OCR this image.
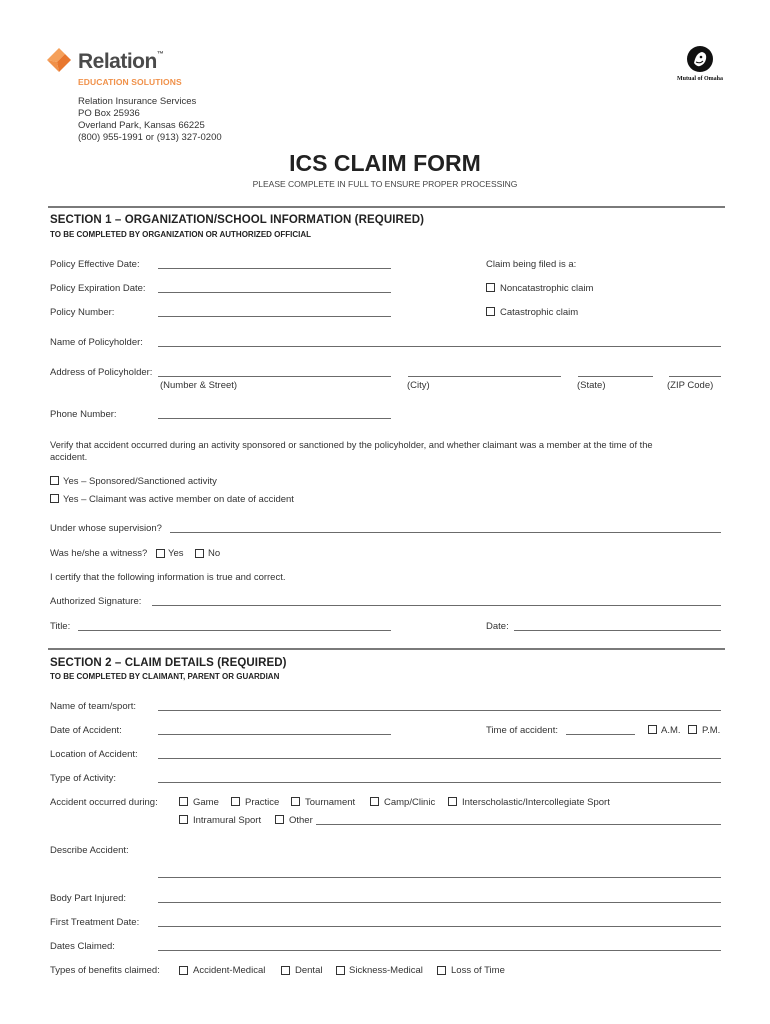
Relation™
EDUCATION SOLUTIONS	Mutual of Omaha
Relation Insurance Services
PO Box 25936
Overland Park, Kansas 66225
(800) 955-1991 or (913) 327-0200
ICS CLAIM FORM
PLEASE COMPLETE IN FULL TO ENSURE PROPER PROCESSING
SECTION 1 – ORGANIZATION/SCHOOL INFORMATION (REQUIRED)
TO BE COMPLETED BY ORGANIZATION OR AUTHORIZED OFFICIAL
Policy Effective Date:	Claim being filed is a:
Policy Expiration Date:	Noncatastrophic claim
Policy Number:	Catastrophic claim
Name of Policyholder:
Address of Policyholder:
(Number & Street)	(City)	(State)	(ZIP Code)
Phone Number:
Verify that accident occurred during an activity sponsored or sanctioned by the policyholder, and whether claimant was a member at the time of the
accident.
Yes – Sponsored/Sanctioned activity
Yes – Claimant was active member on date of accident
Under whose supervision?
Was he/she a witness? Yes	No
I certify that the following information is true and correct.
Authorized Signature:
Title:	Date:
SECTION 2 – CLAIM DETAILS (REQUIRED)
TO BE COMPLETED BY CLAIMANT, PARENT OR GUARDIAN
Name of team/sport:
Date of Accident:	Time of accident:	A.M. P.M.
Location of Accident:
Type of Activity:
Accident occurred during:	Game	Practice	Tournament	Camp/Clinic	Interscholastic/Intercollegiate Sport
Intramural Sport	Other
Describe Accident:
Body Part Injured:
First Treatment Date:
Dates Claimed:
Types of benefits claimed:	Accident-Medical	Dental	Sickness-Medical	Loss of Time
